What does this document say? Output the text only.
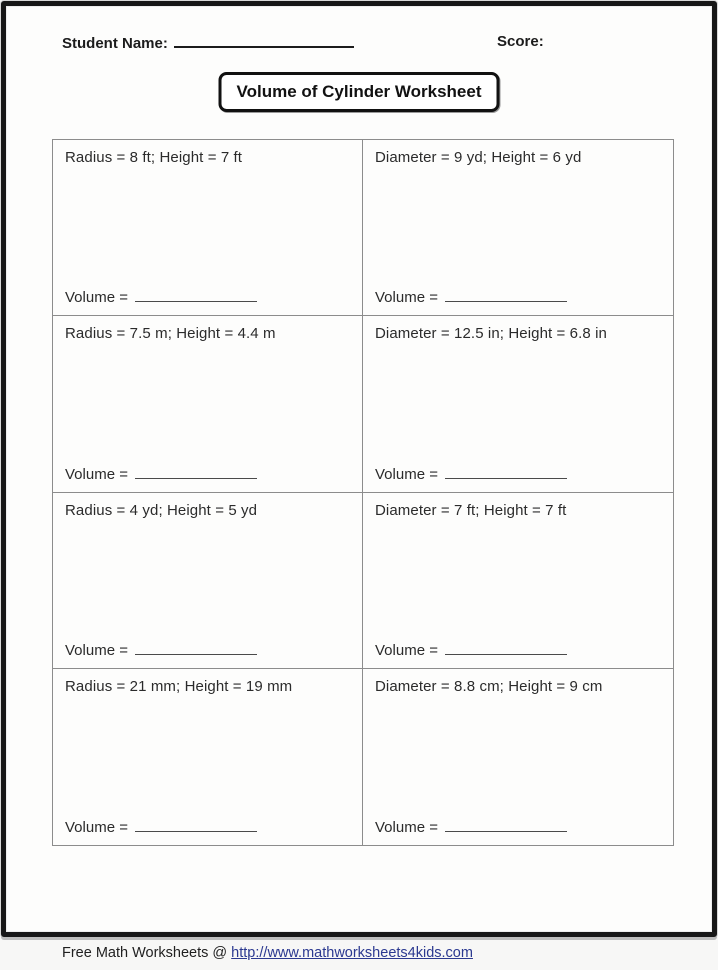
Student Name:	Score:
Volume of Cylinder Worksheet
Radius = 8 ft; Height = 7 ft
Volume =
Diameter = 9 yd; Height = 6 yd
Volume =
Radius = 7.5 m; Height = 4.4 m
Volume =
Diameter = 12.5 in; Height = 6.8 in
Volume =
Radius = 4 yd; Height = 5 yd
Volume =
Diameter = 7 ft; Height = 7 ft
Volume =
Radius = 21 mm; Height = 19 mm
Volume =
Diameter = 8.8 cm; Height = 9 cm
Volume =
Free Math Worksheets @ http://www.mathworksheets4kids.com
